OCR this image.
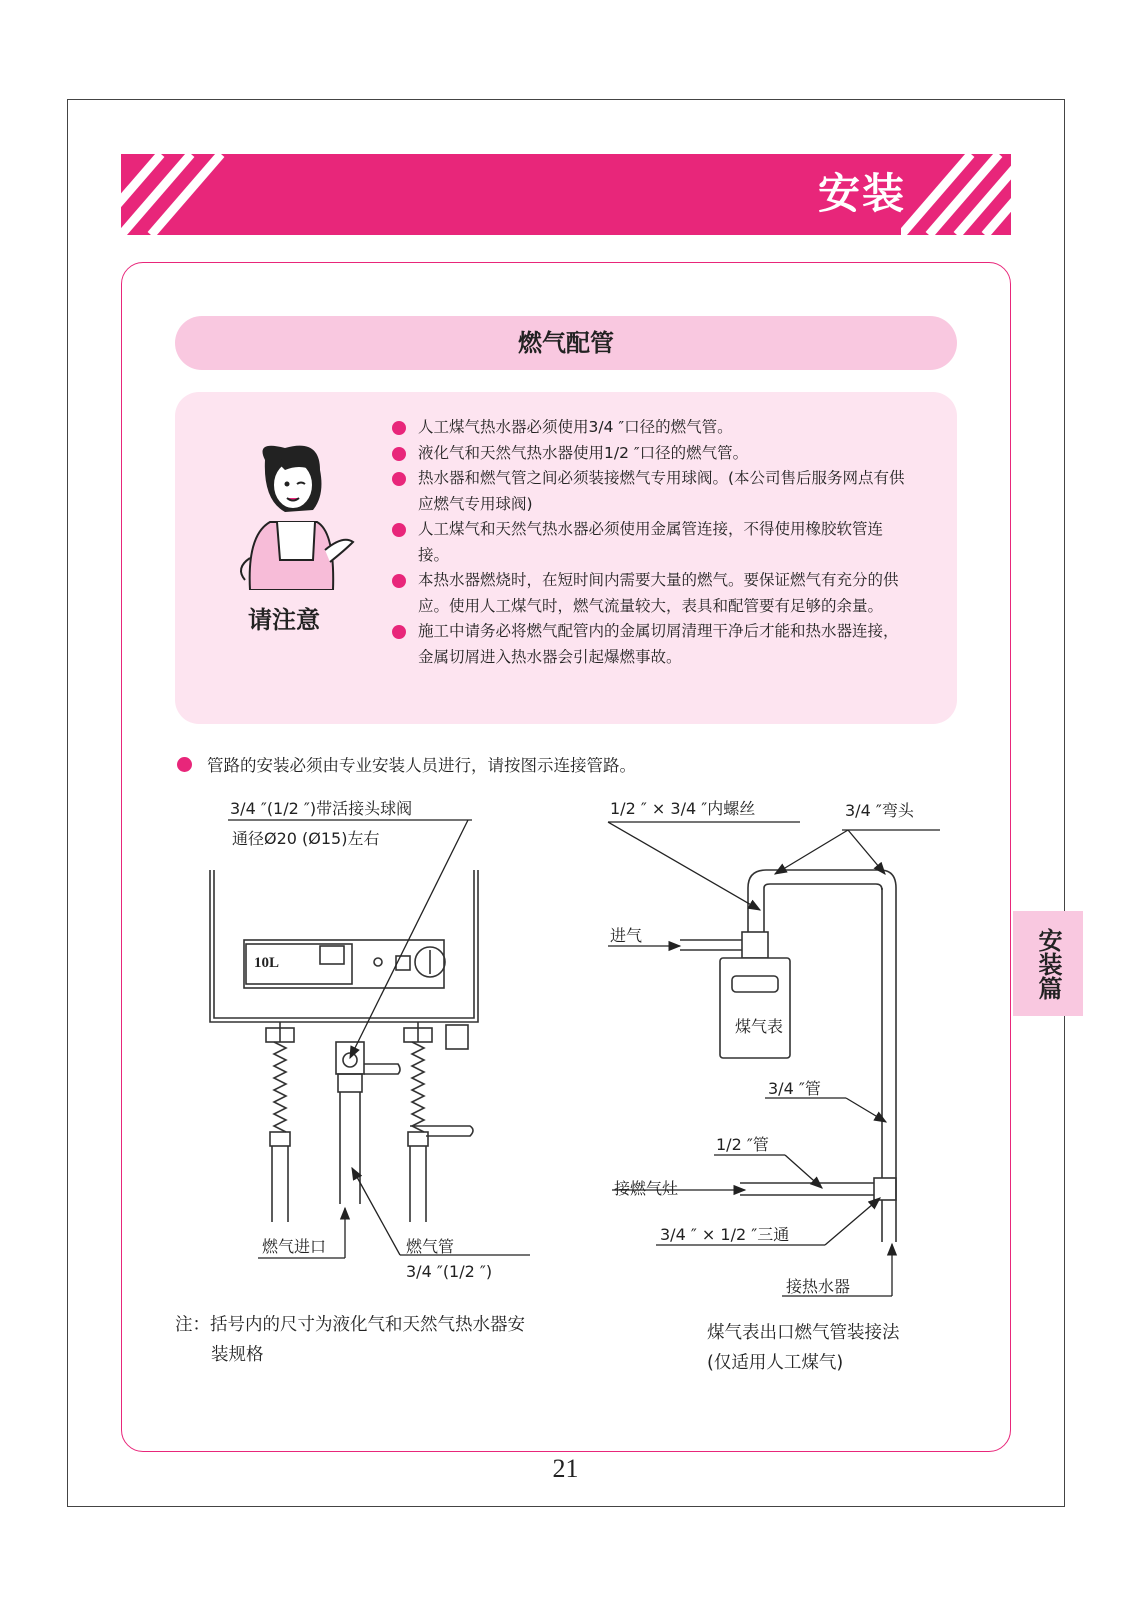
安装
燃气配管
请注意
人工煤气热水器必须使用3/4 ″口径的燃气管。
液化气和天然气热水器使用1/2 ″口径的燃气管。
热水器和燃气管之间必须装接燃气专用球阀。(本公司售后服务网点有供应燃气专用球阀)
人工煤气和天然气热水器必须使用金属管连接，不得使用橡胶软管连接。
本热水器燃烧时，在短时间内需要大量的燃气。要保证燃气有充分的供应。使用人工煤气时，燃气流量较大，表具和配管要有足够的余量。
施工中请务必将燃气配管内的金属切屑清理干净后才能和热水器连接，金属切屑进入热水器会引起爆燃事故。
管路的安装必须由专业安装人员进行，请按图示连接管路。
3/4 ″(1/2 ″)带活接头球阀
通径Ø20 (Ø15)左右
10L
燃气进口	燃气管
3/4 ″(1/2 ″)
1/2 ″ × 3/4 ″内螺丝	3/4 ″弯头
进气
煤气表
3/4 ″管
1/2 ″管
接燃气灶
3/4 ″ × 1/2 ″三通
接热水器
注：括号内的尺寸为液化气和天然气热水器安
装规格
煤气表出口燃气管装接法
(仅适用人工煤气)
安装篇
21
